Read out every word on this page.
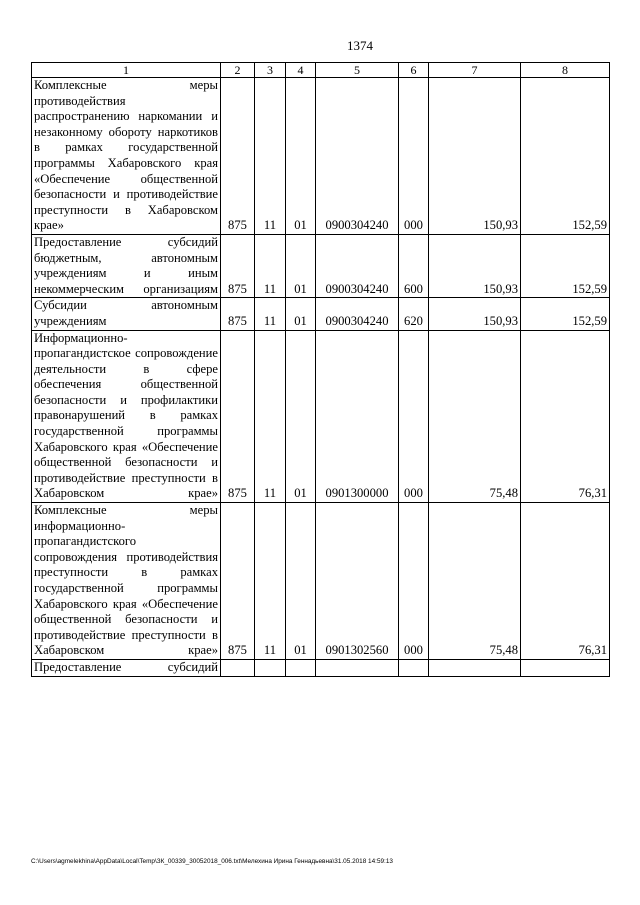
1374
1	2	3	4	5	6	7	8
Комплексные меры противодействия распространению наркомании и незаконному обороту наркотиков в рамках государственной программы Хабаровского края «Обеспечение общественной безопасности и противодействие преступности в Хабаровском крае»	875	11	01	0900304240	000	150,93	152,59
Предоставление субсидий бюджетным, автономным учреждениям и иным некоммерческим организациям	875	11	01	0900304240	600	150,93	152,59
Субсидии автономным учреждениям	875	11	01	0900304240	620	150,93	152,59
Информационно-пропагандистское сопровождение деятельности в сфере обеспечения общественной безопасности и профилактики правонарушений в рамках государственной программы Хабаровского края «Обеспечение общественной безопасности и противодействие преступности в Хабаровском крае»	875	11	01	0901300000	000	75,48	76,31
Комплексные меры информационно-пропагандистского сопровождения противодействия преступности в рамках государственной программы Хабаровского края «Обеспечение общественной безопасности и противодействие преступности в Хабаровском крае»	875	11	01	0901302560	000	75,48	76,31
Предоставление субсидий							
C:\Users\agmelekhina\AppData\Local\Temp\ЗК_00339_30052018_006.txt\Мелехина Ирина Геннадьевна\31.05.2018 14:59:13
